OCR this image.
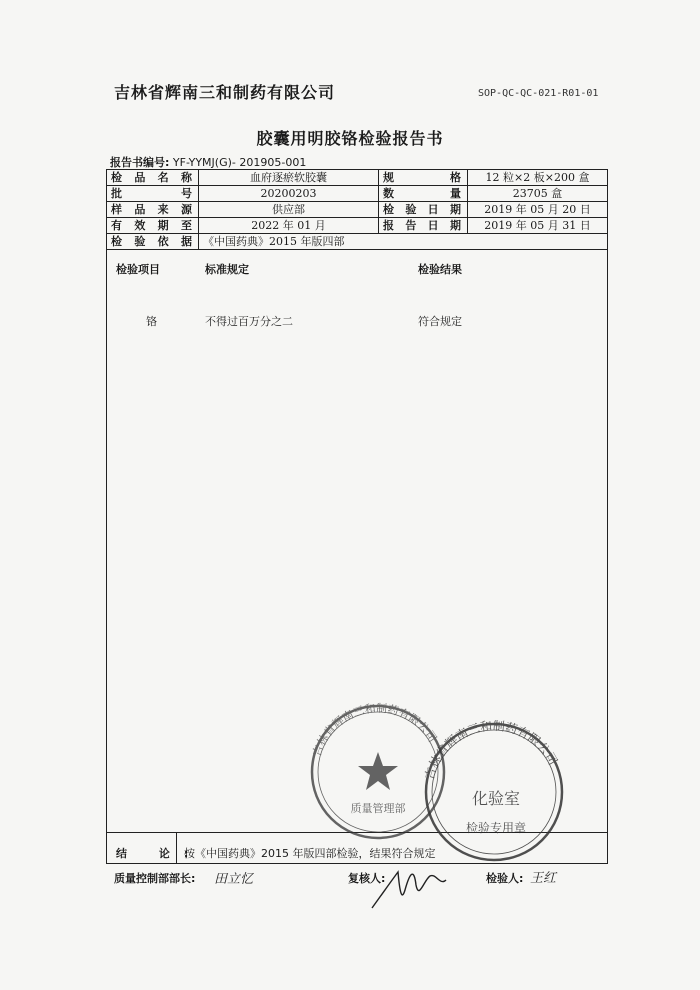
吉林省辉南三和制药有限公司	SOP-QC-QC-021-R01-01
胶囊用明胶铬检验报告书
报告书编号: YF-YYMJ(G)- 201905-001
检品名称	血府逐瘀软胶囊	规 格	12 粒×2 板×200 盒
批 号	20200203	数 量	23705 盒
样品来源	供应部	检验日期	2019 年 05 月 20 日
有效期至	2022 年 01 月	报告日期	2019 年 05 月 31 日
检验依据	《中国药典》2015 年版四部		
检验项目	标准规定	检验结果
铬	不得过百万分之二	符合规定
结 论:
按《中国药典》2015 年版四部检验，结果符合规定
质量控制部部长: 田立忆	复核人:	检验人: 王红
吉林省辉南三和制药有限公司
质量管理部
吉林省辉南三和制药有限公司
化验室
检验专用章
